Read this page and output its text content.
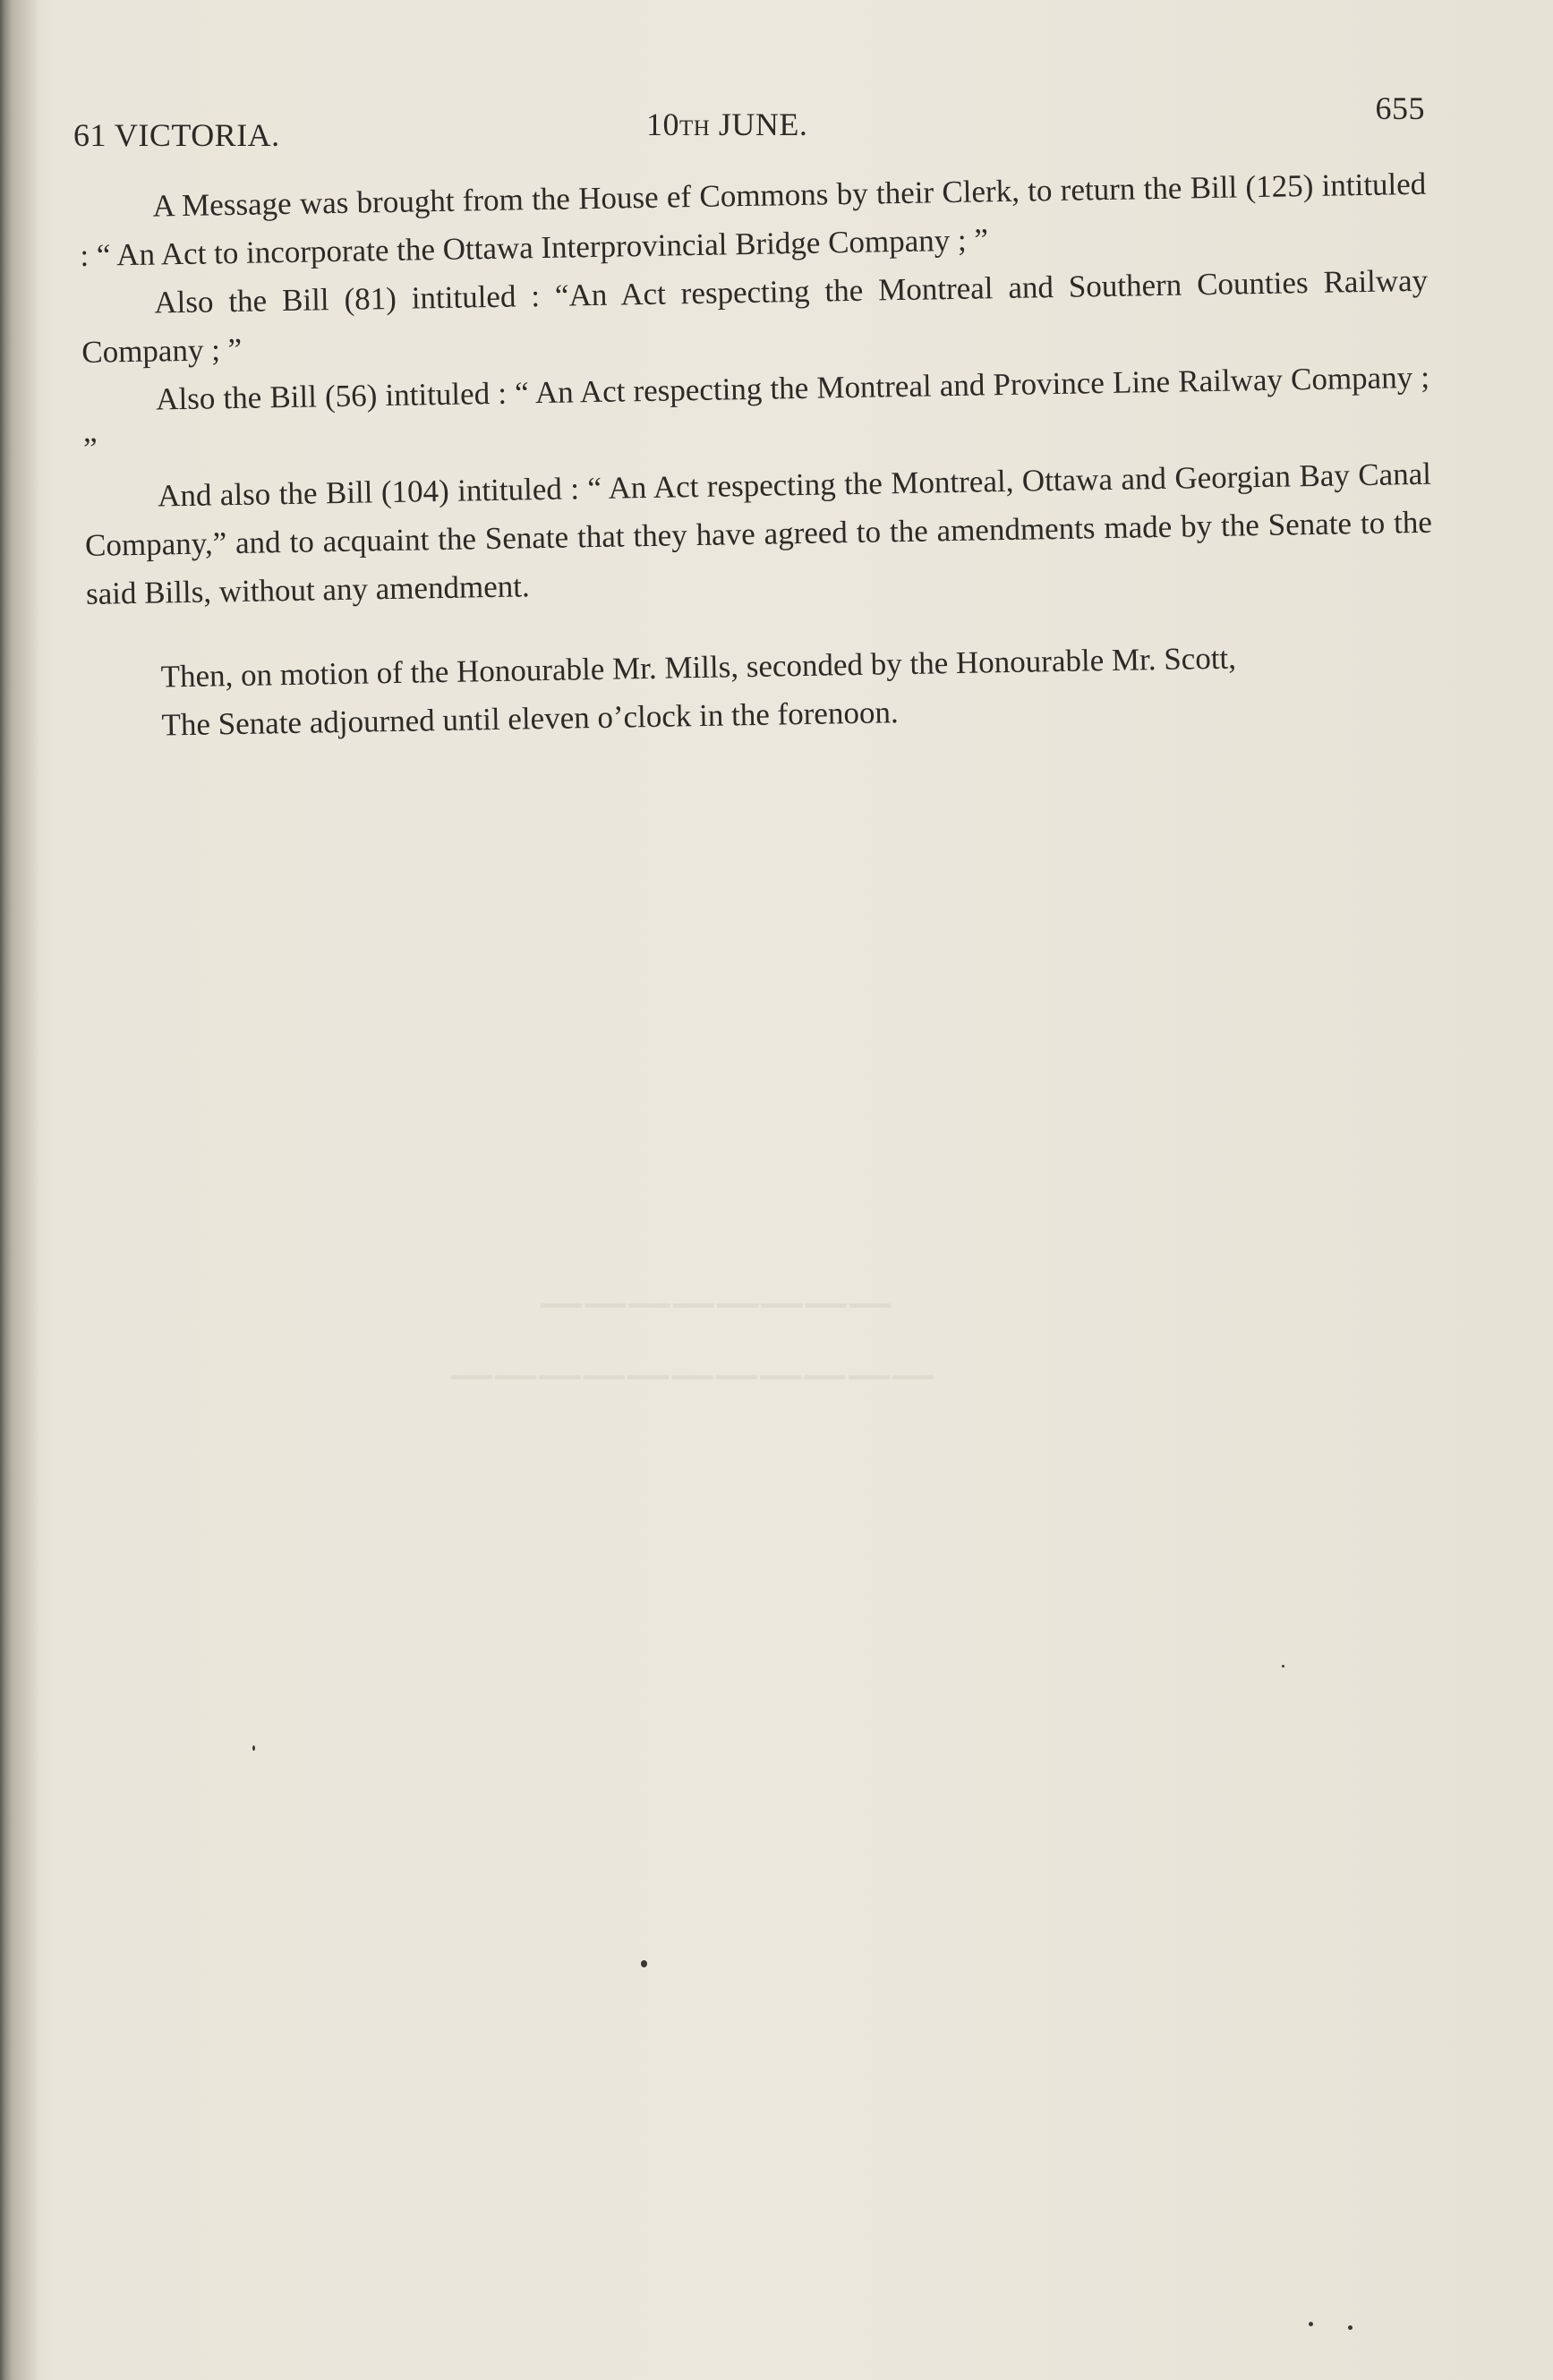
────────
───────────
61 VICTORIA.	10th JUNE.	655

A Message was brought from the House ef Commons by their Clerk, to return the Bill (125) intituled : “ An Act to incorporate the Ottawa Interprovincial Bridge Company ; ”

Also the Bill (81) intituled : “An Act respecting the Montreal and Southern Counties Railway Company ; ”

Also the Bill (56) intituled : “ An Act respecting the Montreal and Province Line Railway Company ; ”

And also the Bill (104) intituled : “ An Act respecting the Montreal, Ottawa and Georgian Bay Canal Company,” and to acquaint the Senate that they have agreed to the amendments made by the Senate to the said Bills, without any amendment.

Then, on motion of the Honourable Mr. Mills, seconded by the Honourable Mr. Scott,

The Senate adjourned until eleven o’clock in the forenoon.
